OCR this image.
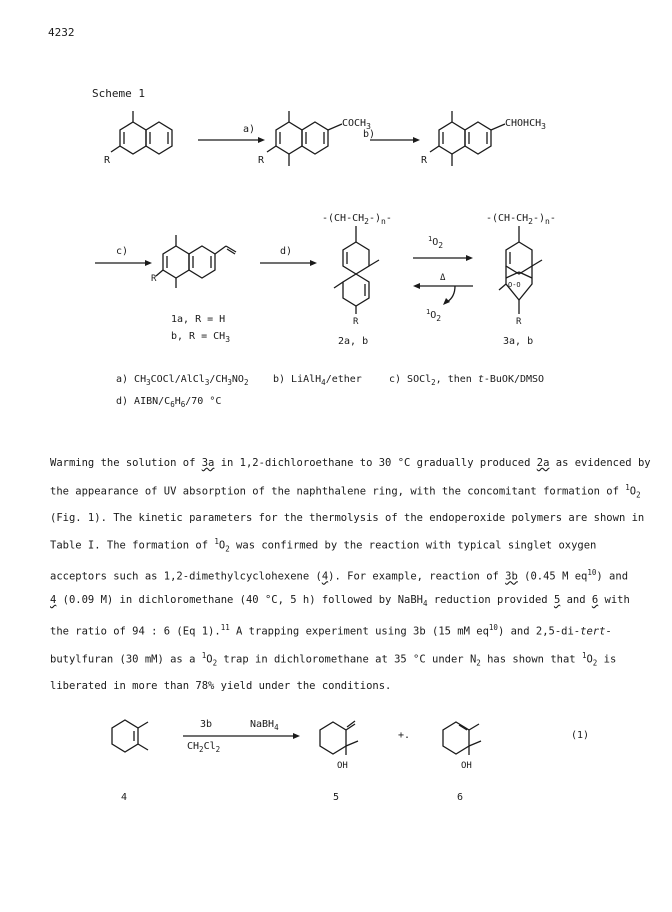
4232
Scheme 1
a)	b)
R	R	R
$COCH_3$	$CHOHCH_3$
c)	d)
R
$-(CH-CH_2-)_n-$	$-(CH-CH_2-)_n-$
R	R
$^1O_2$
Δ
$^1O_2$
O-O
1a, R = H
b, $R = CH_3$	2a, b	3a, b
a) $CH_3COCl/AlCl_3/CH_3NO_2$ b) LiAlH$_4$/ether	c) SOCl$_2$, then t-BuOK/DMSO
d) AIBN/$C_6H_6/70$ °C
3b	NaBH$_4$
$CH_2Cl_2$
OH	OH
+.	(1)
4	5	6

Warming the solution of 3a in 1,2-dichloroethane to 30 °C gradually produced 2a as evidenced by

the appearance of UV absorption of the naphthalene ring, with the concomitant formation of $^1O_2$

(Fig. 1). The kinetic parameters for the thermolysis of the endoperoxide polymers are shown in

Table I. The formation of $^1O_2$ was confirmed by the reaction with typical singlet oxygen

acceptors such as 1,2-dimethylcyclohexene (4). For example, reaction of 3b (0.45 M $eq^{10}$) and

4 (0.09 M) in dichloromethane (40 °C, 5 h) followed by NaBH$_4$ reduction provided 5 and 6 with

the ratio of 94 : 6 (Eq 1).$^{11}$ A trapping experiment using 3b (15 mM $eq^{10}$) and 2,5-di-tert-

butylfuran (30 mM) as a $^1O_2$ trap in dichloromethane at 35 °C under $N_2$ has shown that $^1O_2$ is

liberated in more than 78% yield under the conditions.
